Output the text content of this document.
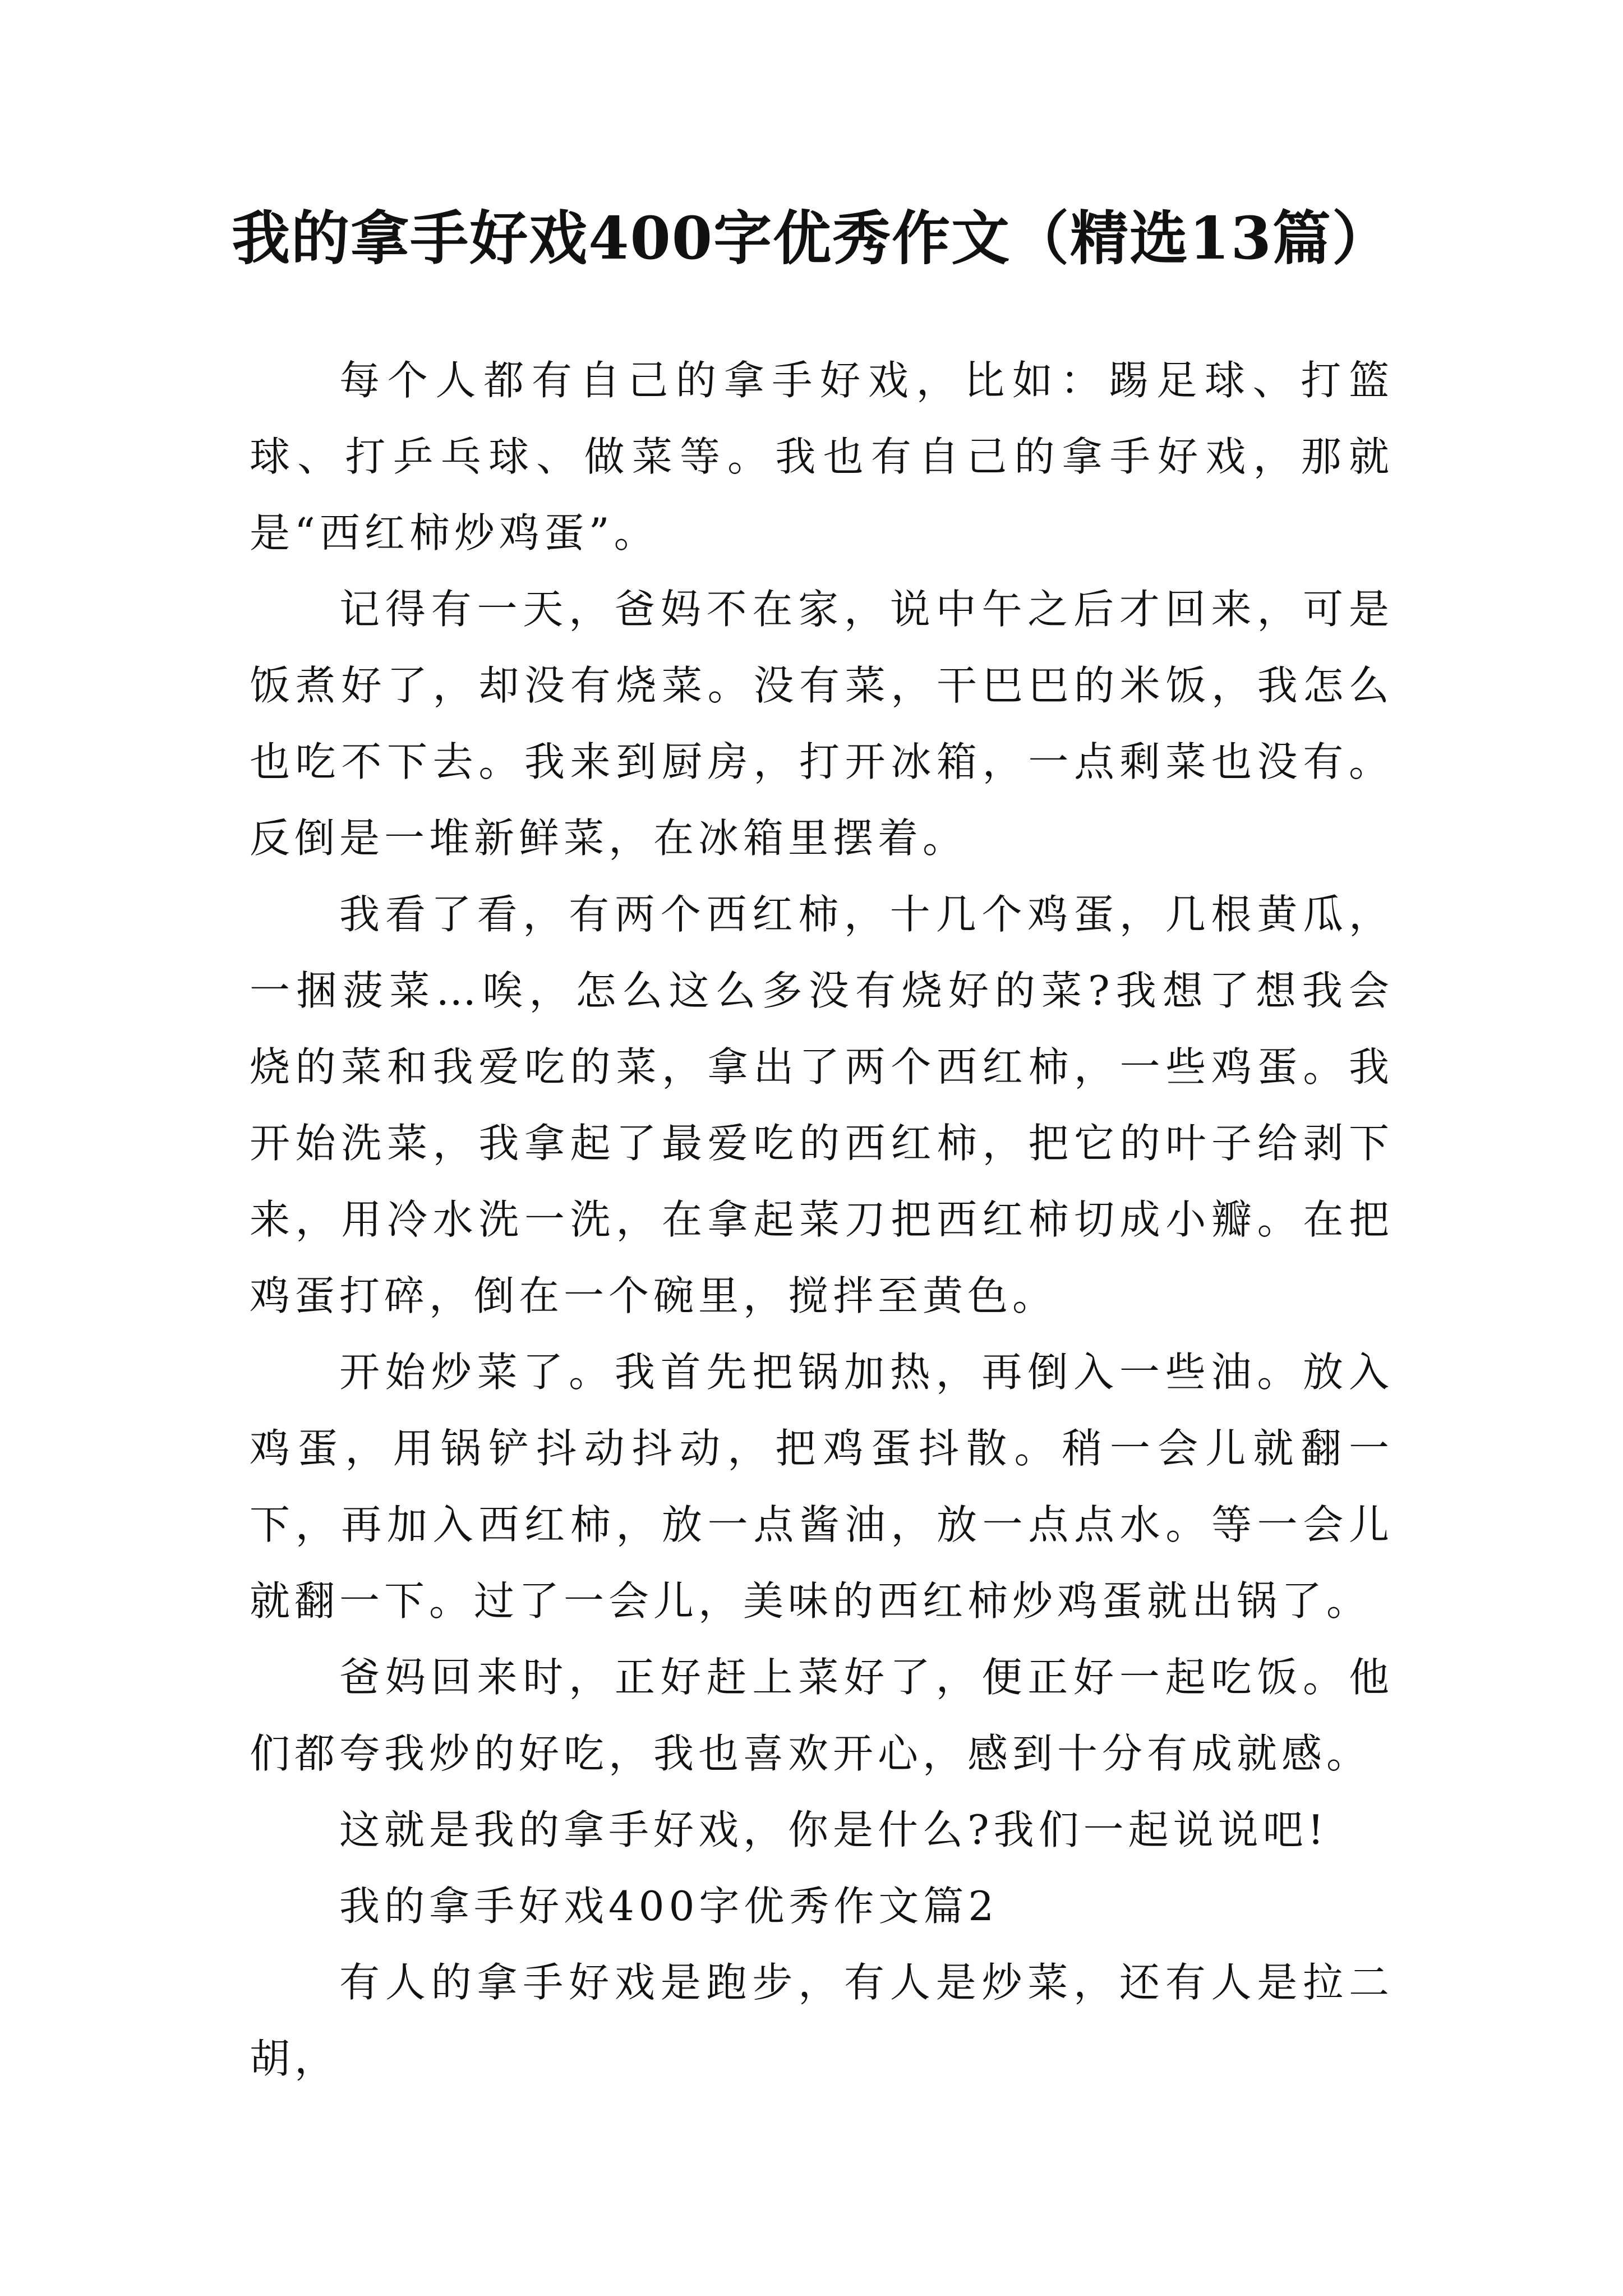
我的拿手好戏400字优秀作文（精选13篇）

每个人都有自己的拿手好戏，比如：踢足球、打篮球、打乒乓球、做菜等。我也有自己的拿手好戏，那就是“西红柿炒鸡蛋”。

记得有一天，爸妈不在家，说中午之后才回来，可是饭煮好了，却没有烧菜。没有菜，干巴巴的米饭，我怎么也吃不下去。我来到厨房，打开冰箱，一点剩菜也没有。反倒是一堆新鲜菜，在冰箱里摆着。

我看了看，有两个西红柿，十几个鸡蛋，几根黄瓜，一捆菠菜…唉，怎么这么多没有烧好的菜?我想了想我会烧的菜和我爱吃的菜，拿出了两个西红柿，一些鸡蛋。我开始洗菜，我拿起了最爱吃的西红柿，把它的叶子给剥下来，用冷水洗一洗，在拿起菜刀把西红柿切成小瓣。在把鸡蛋打碎，倒在一个碗里，搅拌至黄色。

开始炒菜了。我首先把锅加热，再倒入一些油。放入鸡蛋，用锅铲抖动抖动，把鸡蛋抖散。稍一会儿就翻一下，再加入西红柿，放一点酱油，放一点点水。等一会儿就翻一下。过了一会儿，美味的西红柿炒鸡蛋就出锅了。

爸妈回来时，正好赶上菜好了，便正好一起吃饭。他们都夸我炒的好吃，我也喜欢开心，感到十分有成就感。

这就是我的拿手好戏，你是什么?我们一起说说吧!

我的拿手好戏400字优秀作文篇2

有人的拿手好戏是跑步，有人是炒菜，还有人是拉二胡，
